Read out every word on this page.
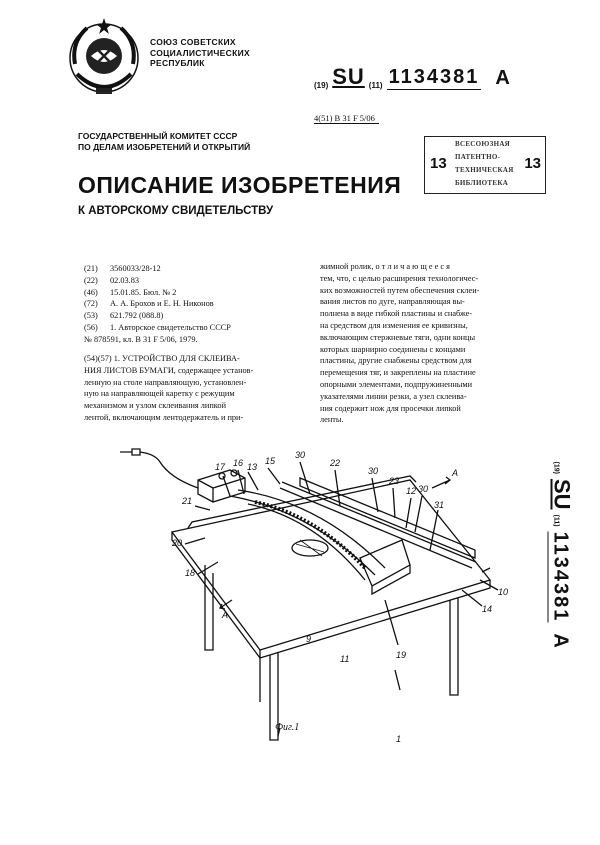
СОЮЗ СОВЕТСКИХ
СОЦИАЛИСТИЧЕСКИХ
РЕСПУБЛИК
(19) SU (11) 1134381 A
4(51) B 31 F 5/06
ГОСУДАРСТВЕННЫЙ КОМИТЕТ СССР
ПО ДЕЛАМ ИЗОБРЕТЕНИЙ И ОТКРЫТИЙ
13
ВСЕСОЮЗНАЯ
ПАТЕНТНО-
ТЕХНИЧЕСКАЯ
БИБЛИОТЕКА
13
ОПИСАНИЕ ИЗОБРЕТЕНИЯ
К АВТОРСКОМУ СВИДЕТЕЛЬСТВУ
(21)	3560033/28-12
(22)	02.03.83
(46)	15.01.85. Бюл. № 2
(72)	А. А. Брохов и Е. Н. Никонов
(53)	621.792 (088.8)
(56)	1. Авторское свидетельство СССР
№ 878591, кл. В 31 F 5/06, 1979.
(54)(57) 1. УСТРОЙСТВО ДЛЯ СКЛЕИВА-
НИЯ ЛИСТОВ БУМАГИ, содержащее установ-
ленную на столе направляющую, установлен-
ную на направляющей каретку с режущим
механизмом и узлом склеивания липкой
лентой, включающим лентодержатель и при-
жимной ролик, о т л и ч а ю щ е е с я
тем, что, с целью расширения технологичес-
ких возможностей путем обеспечения склеи-
вания листов по дуге, направляющая вы-
полнена в виде гибкой пластины и снабже-
на средством для изменения ее кривизны,
включающим стержневые тяги, одни концы
которых шарнирно соединены с концами
пластины, другие снабжены средством для
перемещения тяг, и закреплены на пластине
опорными элементами, подпружиненными
указателями линии резки, а узел склеива-
ния содержит нож для просечки липкой
ленты.
(19)
SU
(11)
1134381
A
17 16 13
15
30
22
30
23
12 30
31
A
21
20
18
10
14
A
9
11	19
1
Фиг.1
